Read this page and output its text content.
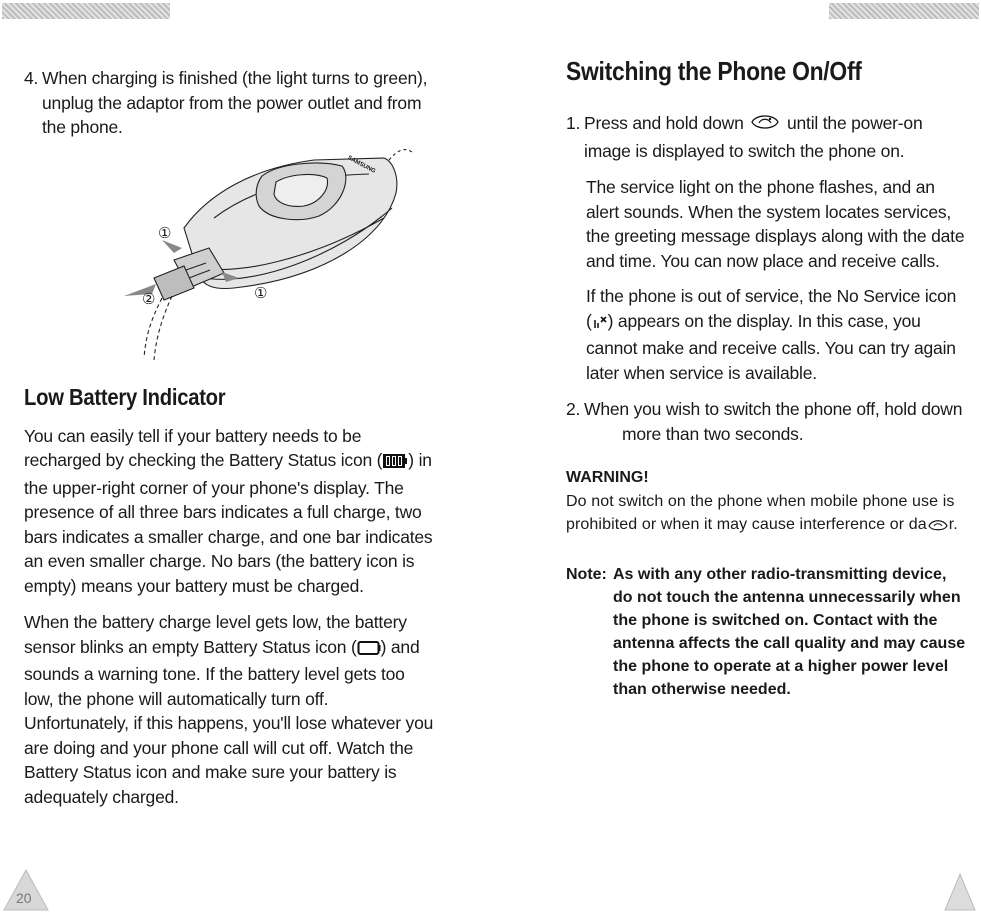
4. When charging is finished (the light turns to green), unplug the adaptor from the power outlet and from the phone.

①
②	①
SAMSUNG
Low Battery Indicator

You can easily tell if your battery needs to be recharged by checking the Battery Status icon ( ) in the upper-right corner of your phone's display. The presence of all three bars indicates a full charge, two bars indicates a smaller charge, and one bar indicates an even smaller charge. No bars (the battery icon is empty) means your battery must be charged.

When the battery charge level gets low, the battery sensor blinks an empty Battery Status icon ( ) and sounds a warning tone. If the battery level gets too low, the phone will automatically turn off. Unfortunately, if this happens, you'll lose whatever you are doing and your phone call will cut off. Watch the Battery Status icon and make sure your battery is adequately charged.

Switching the Phone On/Off

1. Press and hold down until the power-on image is displayed to switch the phone on.

The service light on the phone flashes, and an alert sounds. When the system locates services, the greeting message displays along with the date and time. You can now place and receive calls.

If the phone is out of service, the No Service icon ( ) appears on the display. In this case, you cannot make and receive calls. You can try again later when service is available.

2. When you wish to switch the phone off, hold down
more than two seconds.

WARNING!

Do not switch on the phone when mobile phone use is prohibited or when it may cause interference or da r.

Note: As with any other radio-transmitting device, do not touch the antenna unnecessarily when the phone is switched on. Contact with the antenna affects the call quality and may cause the phone to operate at a higher power level than otherwise needed.

20
